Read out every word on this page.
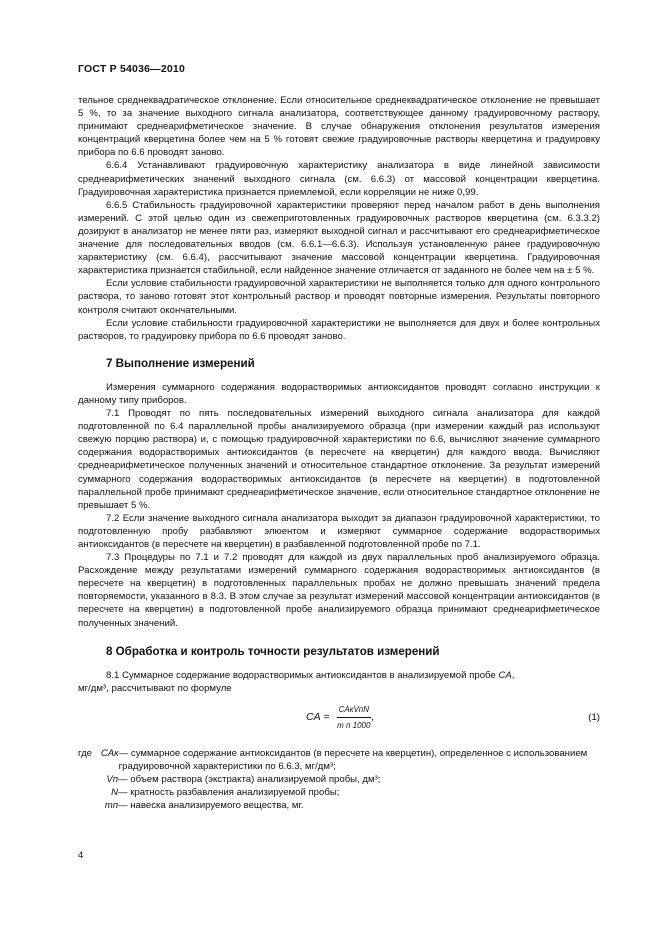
ГОСТ Р 54036—2010

тельное среднеквадратическое отклонение. Если относительное среднеквадратическое отклонение не превышает 5 %, то за значение выходного сигнала анализатора, соответствующее данному градуировочному раствору, принимают среднеарифметическое значение. В случае обнаружения отклонения результатов измерения концентраций кверцетина более чем на 5 % готовят свежие градуировочные растворы кверцетина и градуировку прибора по 6.6 проводят заново.

6.6.4 Устанавливают градуировочную характеристику анализатора в виде линейной зависимости среднеарифметических значений выходного сигнала (см. 6.6.3) от массовой концентрации кверцетина. Градуировочная характеристика признается приемлемой, если корреляции не ниже 0,99.

6.6.5 Стабильность градуировочной характеристики проверяют перед началом работ в день выполнения измерений. С этой целью один из свежеприготовленных градуировочных растворов кверцетина (см. 6.3.3.2) дозируют в анализатор не менее пяти раз, измеряют выходной сигнал и рассчитывают его среднеарифметическое значение для последовательных вводов (см. 6.6.1—6.6.3). Используя установленную ранее градуировочную характеристику (см. 6.6.4), рассчитывают значение массовой концентрации кверцетина. Градуировочная характеристика признается стабильной, если найденное значение отличается от заданного не более чем на ± 5 %.

Если условие стабильности градуировочной характеристики не выполняется только для одного контрольного раствора, то заново готовят этот контрольный раствор и проводят повторные измерения. Результаты повторного контроля считают окончательными.

Если условие стабильности градуировочной характеристики не выполняется для двух и более контрольных растворов, то градуировку прибора по 6.6 проводят заново.

7 Выполнение измерений

Измерения суммарного содержания водорастворимых антиоксидантов проводят согласно инструкции к данному типу приборов.

7.1 Проводят по пять последовательных измерений выходного сигнала анализатора для каждой подготовленной по 6.4 параллельной пробы анализируемого образца (при измерении каждый раз используют свежую порцию раствора) и, с помощью градуировочной характеристики по 6.6, вычисляют значение суммарного содержания водорастворимых антиоксидантов (в пересчете на кверцетин) для каждого ввода. Вычисляют среднеарифметическое полученных значений и относительное стандартное отклонение. За результат измерений суммарного содержания водорастворимых антиоксидантов (в пересчете на кверцетин) в подготовленной параллельной пробе принимают среднеарифметическое значение, если относительное стандартное отклонение не превышает 5 %.

7.2 Если значение выходного сигнала анализатора выходит за диапазон градуировочной характеристики, то подготовленную пробу разбавляют элюентом и измеряют суммарное содержание водорастворимых антиоксидантов (в пересчете на кверцетин) в разбавленной подготовленной пробе по 7.1.

7.3 Процедуры по 7.1 и 7.2 проводят для каждой из двух параллельных проб анализируемого образца. Расхождение между результатами измерений суммарного содержания водорастворимых антиоксидантов (в пересчете на кверцетин) в подготовленных параллельных пробах не должно превышать значений предела повторяемости, указанного в 8.3. В этом случае за результат измерений массовой концентрации антиоксидантов (в пересчете на кверцетин) в подготовленной пробе анализируемого образца принимают среднеарифметическое полученных значений.

8 Обработка и контроль точности результатов измерений

8.1 Суммарное содержание водорастворимых антиоксидантов в анализируемой пробе CA,

мг/дм³, рассчитывают по формуле

CA = $\frac{\text{CAкVпN}}{\text{m п 1000}}$ ,	(1)
где CAк — суммарное содержание антиоксидантов (в пересчете на кверцетин), определенное с использованием градуировочной характеристики по 6.6.3, мг/дм³;
Vп — объем раствора (экстракта) анализируемой пробы, дм³;
N — кратность разбавления анализируемой пробы;
mп — навеска анализируемого вещества, мг.
4
